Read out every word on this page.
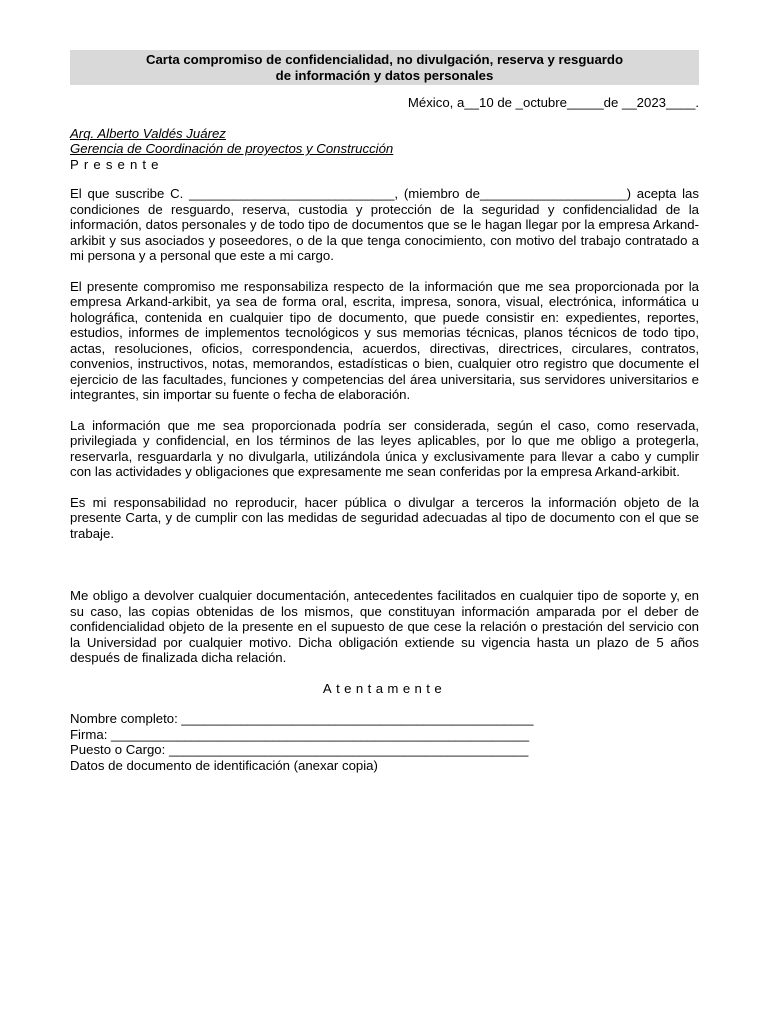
Carta compromiso de confidencialidad, no divulgación, reserva y resguardo
de información y datos personales
México, a__10 de _octubre_____de __2023____.
Arq. Alberto Valdés Juárez
Gerencia de Coordinación de proyectos y Construcción
Presente

El que suscribe C. ____________________________, (miembro de____________________) acepta las condiciones de resguardo, reserva, custodia y protección de la seguridad y confidencialidad de la información, datos personales y de todo tipo de documentos que se le hagan llegar por la empresa Arkand-arkibit y sus asociados y poseedores, o de la que tenga conocimiento, con motivo del trabajo contratado a mi persona y a personal que este a mi cargo.

El presente compromiso me responsabiliza respecto de la información que me sea proporcionada por la empresa Arkand-arkibit, ya sea de forma oral, escrita, impresa, sonora, visual, electrónica, informática u holográfica, contenida en cualquier tipo de documento, que puede consistir en: expedientes, reportes, estudios, informes de implementos tecnológicos y sus memorias técnicas, planos técnicos de todo tipo, actas, resoluciones, oficios, correspondencia, acuerdos, directivas, directrices, circulares, contratos, convenios, instructivos, notas, memorandos, estadísticas o bien, cualquier otro registro que documente el ejercicio de las facultades, funciones y competencias del área universitaria, sus servidores universitarios e integrantes, sin importar su fuente o fecha de elaboración.

La información que me sea proporcionada podría ser considerada, según el caso, como reservada, privilegiada y confidencial, en los términos de las leyes aplicables, por lo que me obligo a protegerla, reservarla, resguardarla y no divulgarla, utilizándola única y exclusivamente para llevar a cabo y cumplir con las actividades y obligaciones que expresamente me sean conferidas por la empresa Arkand-arkibit.

Es mi responsabilidad no reproducir, hacer pública o divulgar a terceros la información objeto de la presente Carta, y de cumplir con las medidas de seguridad adecuadas al tipo de documento con el que se trabaje.

Me obligo a devolver cualquier documentación, antecedentes facilitados en cualquier tipo de soporte y, en su caso, las copias obtenidas de los mismos, que constituyan información amparada por el deber de confidencialidad objeto de la presente en el supuesto de que cese la relación o prestación del servicio con la Universidad por cualquier motivo. Dicha obligación extiende su vigencia hasta un plazo de 5 años después de finalizada dicha relación.

Atentamente
Nombre completo: ________________________________________________
Firma: _________________________________________________________
Puesto o Cargo: _________________________________________________
Datos de documento de identificación (anexar copia)
